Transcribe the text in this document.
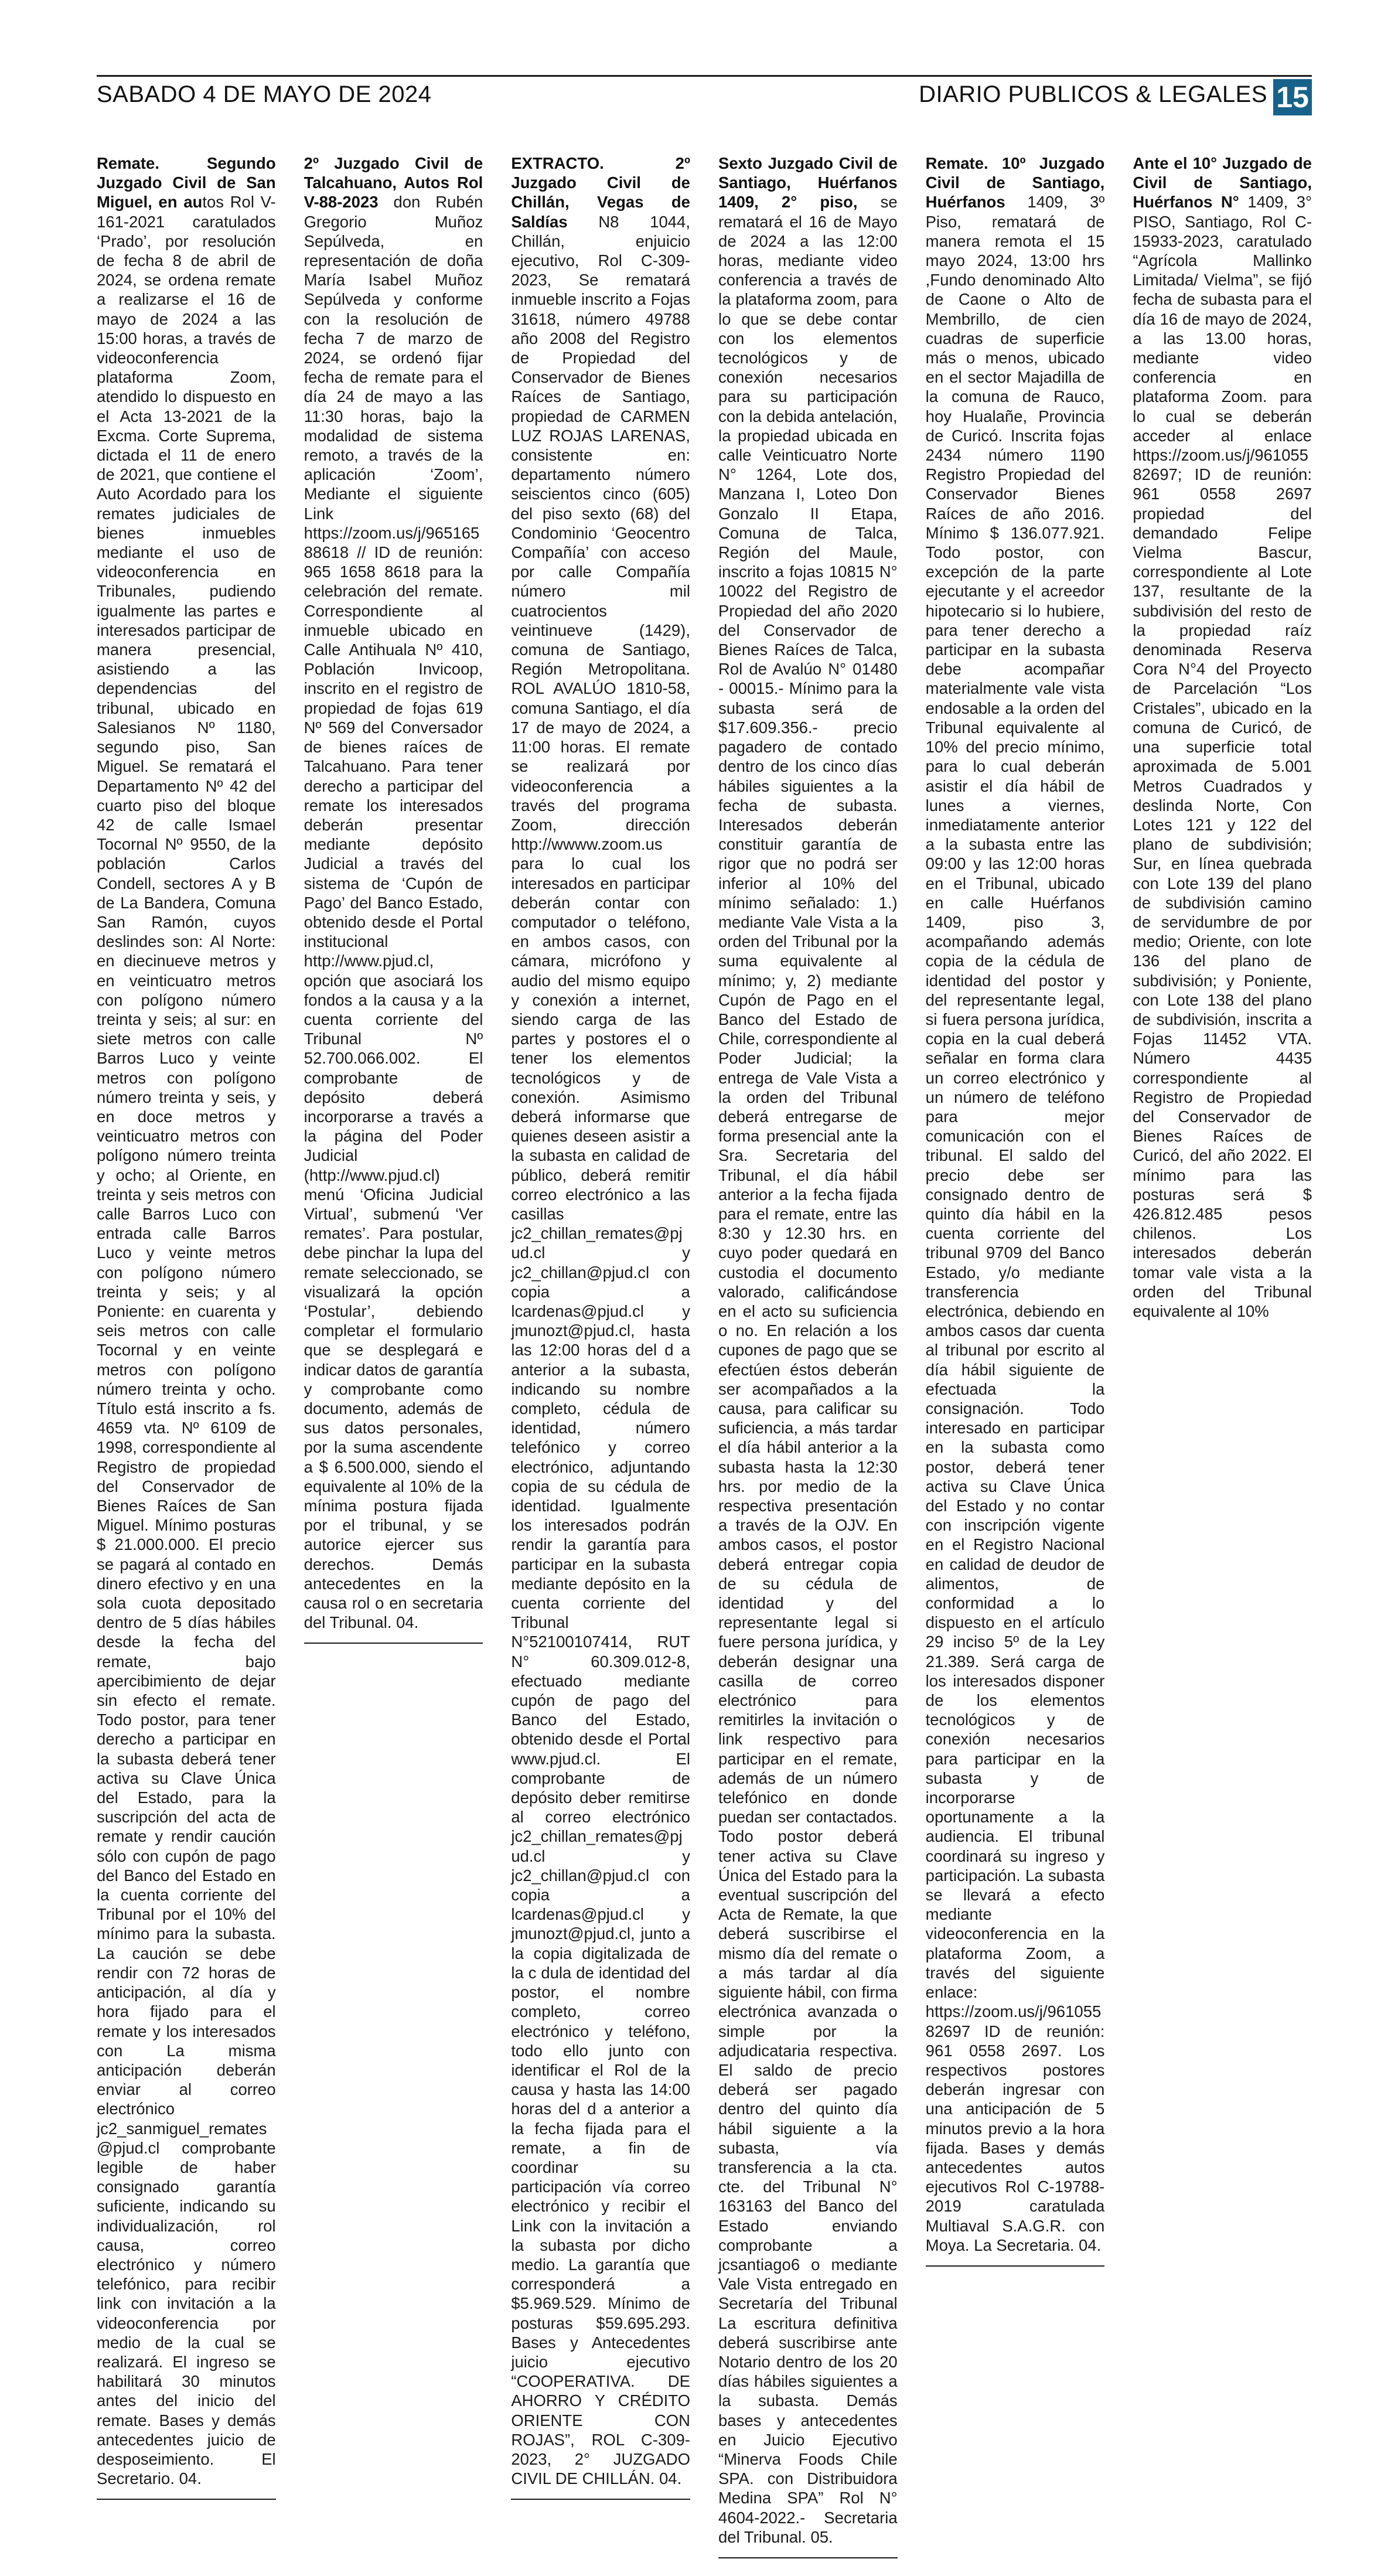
SABADO 4 DE MAYO DE 2024	DIARIO PUBLICOS & LEGALES 15

Remate. Segundo Juzgado Civil de San Miguel, en autos Rol V-161-2021 caratulados ‘Prado’, por resolución de fecha 8 de abril de 2024, se ordena remate a realizarse el 16 de mayo de 2024 a las 15:00 horas, a través de videoconferencia plataforma Zoom, atendido lo dispuesto en el Acta 13-2021 de la Excma. Corte Suprema, dictada el 11 de enero de 2021, que contiene el Auto Acordado para los remates judiciales de bienes inmuebles mediante el uso de videoconferencia en Tribunales, pudiendo igualmente las partes e interesados participar de manera presencial, asistiendo a las dependencias del tribunal, ubicado en Salesianos Nº 1180, segundo piso, San Miguel. Se rematará el Departamento Nº 42 del cuarto piso del bloque 42 de calle Ismael Tocornal Nº 9550, de la población Carlos Condell, sectores A y B de La Bandera, Comuna San Ramón, cuyos deslindes son: Al Norte: en diecinueve metros y en veinticuatro metros con polígono número treinta y seis; al sur: en siete metros con calle Barros Luco y veinte metros con polígono número treinta y seis, y en doce metros y veinticuatro metros con polígono número treinta y ocho; al Oriente, en treinta y seis metros con calle Barros Luco con entrada calle Barros Luco y veinte metros con polígono número treinta y seis; y al Poniente: en cuarenta y seis metros con calle Tocornal y en veinte metros con polígono número treinta y ocho. Título está inscrito a fs. 4659 vta. Nº 6109 de 1998, correspondiente al Registro de propiedad del Conservador de Bienes Raíces de San Miguel. Mínimo posturas $ 21.000.000. El precio se pagará al contado en dinero efectivo y en una sola cuota depositado dentro de 5 días hábiles desde la fecha del remate, bajo apercibimiento de dejar sin efecto el remate. Todo postor, para tener derecho a participar en la subasta deberá tener activa su Clave Única del Estado, para la suscripción del acta de remate y rendir caución sólo con cupón de pago del Banco del Estado en la cuenta corriente del Tribunal por el 10% del mínimo para la subasta. La caución se debe rendir con 72 horas de anticipación, al día y hora fijado para el remate y los interesados con La misma anticipación deberán enviar al correo electrónico jc2_sanmiguel_remates@pjud.cl comprobante legible de haber consignado garantía suficiente, indicando su individualización, rol causa, correo electrónico y número telefónico, para recibir link con invitación a la videoconferencia por medio de la cual se realizará. El ingreso se habilitará 30 minutos antes del inicio del remate. Bases y demás antecedentes juicio de desposeimiento. El Secretario. 04.

2º Juzgado Civil de Talcahuano, Autos Rol V-88-2023 don Rubén Gregorio Muñoz Sepúlveda, en representación de doña María Isabel Muñoz Sepúlveda y conforme con la resolución de fecha 7 de marzo de 2024, se ordenó fijar fecha de remate para el día 24 de mayo a las 11:30 horas, bajo la modalidad de sistema remoto, a través de la aplicación ‘Zoom’, Mediante el siguiente Link https://zoom.us/j/96516588618 // ID de reunión: 965 1658 8618 para la celebración del remate. Correspondiente al inmueble ubicado en Calle Antihuala Nº 410, Población Invicoop, inscrito en el registro de propiedad de fojas 619 Nº 569 del Conversador de bienes raíces de Talcahuano. Para tener derecho a participar del remate los interesados deberán presentar mediante depósito Judicial a través del sistema de ‘Cupón de Pago’ del Banco Estado, obtenido desde el Portal institucional http://www.pjud.cl, opción que asociará los fondos a la causa y a la cuenta corriente del Tribunal Nº 52.700.066.002. El comprobante de depósito deberá incorporarse a través a la página del Poder Judicial (http://www.pjud.cl) menú ‘Oficina Judicial Virtual’, submenú ‘Ver remates’. Para postular, debe pinchar la lupa del remate seleccionado, se visualizará la opción ‘Postular’, debiendo completar el formulario que se desplegará e indicar datos de garantía y comprobante como documento, además de sus datos personales, por la suma ascendente a $ 6.500.000, siendo el equivalente al 10% de la mínima postura fijada por el tribunal, y se autorice ejercer sus derechos. Demás antecedentes en la causa rol o en secretaria del Tribunal. 04.

EXTRACTO. 2º Juzgado Civil de Chillán, Vegas de Saldías N8 1044, Chillán, enjuicio ejecutivo, Rol C-309-2023, Se rematará inmueble inscrito a Fojas 31618, número 49788 año 2008 del Registro de Propiedad del Conservador de Bienes Raíces de Santiago, propiedad de CARMEN LUZ ROJAS LARENAS, consistente en: departamento número seiscientos cinco (605) del piso sexto (68) del Condominio ‘Geocentro Compañía’ con acceso por calle Compañía número mil cuatrocientos veintinueve (1429), comuna de Santiago, Región Metropolitana. ROL AVALÚO 1810-58, comuna Santiago, el día 17 de mayo de 2024, a 11:00 horas. El remate se realizará por videoconferencia a través del programa Zoom, dirección http://wwww.zoom.us para lo cual los interesados en participar deberán contar con computador o teléfono, en ambos casos, con cámara, micrófono y audio del mismo equipo y conexión a internet, siendo carga de las partes y postores el o tener los elementos tecnológicos y de conexión. Asimismo deberá informarse que quienes deseen asistir a la subasta en calidad de público, deberá remitir correo electrónico a las casillas jc2_chillan_remates@pjud.cl y jc2_chillan@pjud.cl con copia a lcardenas@pjud.cl y jmunozt@pjud.cl, hasta las 12:00 horas del d a anterior a la subasta, indicando su nombre completo, cédula de identidad, número telefónico y correo electrónico, adjuntando copia de su cédula de identidad. Igualmente los interesados podrán rendir la garantía para participar en la subasta mediante depósito en la cuenta corriente del Tribunal N°52100107414, RUT N° 60.309.012-8, efectuado mediante cupón de pago del Banco del Estado, obtenido desde el Portal www.pjud.cl. El comprobante de depósito deber remitirse al correo electrónico jc2_chillan_remates@pjud.cl y jc2_chillan@pjud.cl con copia a lcardenas@pjud.cl y jmunozt@pjud.cl, junto a la copia digitalizada de la c dula de identidad del postor, el nombre completo, correo electrónico y teléfono, todo ello junto con identificar el Rol de la causa y hasta las 14:00 horas del d a anterior a la fecha fijada para el remate, a fin de coordinar su participación vía correo electrónico y recibir el Link con la invitación a la subasta por dicho medio. La garantía que corresponderá a $5.969.529. Mínimo de posturas $59.695.293. Bases y Antecedentes juicio ejecutivo “COOPERATIVA. DE AHORRO Y CRÉDITO ORIENTE CON ROJAS”, ROL C-309-2023, 2° JUZGADO CIVIL DE CHILLÁN. 04.

Sexto Juzgado Civil de Santiago, Huérfanos 1409, 2° piso, se rematará el 16 de Mayo de 2024 a las 12:00 horas, mediante video conferencia a través de la plataforma zoom, para lo que se debe contar con los elementos tecnológicos y de conexión necesarios para su participación con la debida antelación, la propiedad ubicada en calle Veinticuatro Norte N° 1264, Lote dos, Manzana I, Loteo Don Gonzalo II Etapa, Comuna de Talca, Región del Maule, inscrito a fojas 10815 N° 10022 del Registro de Propiedad del año 2020 del Conservador de Bienes Raíces de Talca, Rol de Avalúo N° 01480 - 00015.- Mínimo para la subasta será de $17.609.356.- precio pagadero de contado dentro de los cinco días hábiles siguientes a la fecha de subasta. Interesados deberán constituir garantía de rigor que no podrá ser inferior al 10% del mínimo señalado: 1.) mediante Vale Vista a la orden del Tribunal por la suma equivalente al mínimo; y, 2) mediante Cupón de Pago en el Banco del Estado de Chile, correspondiente al Poder Judicial; la entrega de Vale Vista a la orden del Tribunal deberá entregarse de forma presencial ante la Sra. Secretaria del Tribunal, el día hábil anterior a la fecha fijada para el remate, entre las 8:30 y 12.30 hrs. en cuyo poder quedará en custodia el documento valorado, calificándose en el acto su suficiencia o no. En relación a los cupones de pago que se efectúen éstos deberán ser acompañados a la causa, para calificar su suficiencia, a más tardar el día hábil anterior a la subasta hasta la 12:30 hrs. por medio de la respectiva presentación a través de la OJV. En ambos casos, el postor deberá entregar copia de su cédula de identidad y del representante legal si fuere persona jurídica, y deberán designar una casilla de correo electrónico para remitirles la invitación o link respectivo para participar en el remate, además de un número telefónico en donde puedan ser contactados. Todo postor deberá tener activa su Clave Única del Estado para la eventual suscripción del Acta de Remate, la que deberá suscribirse el mismo día del remate o a más tardar al día siguiente hábil, con firma electrónica avanzada o simple por la adjudicataria respectiva. El saldo de precio deberá ser pagado dentro del quinto día hábil siguiente a la subasta, vía transferencia a la cta. cte. del Tribunal N° 163163 del Banco del Estado enviando comprobante a jcsantiago6 o mediante Vale Vista entregado en Secretaría del Tribunal La escritura definitiva deberá suscribirse ante Notario dentro de los 20 días hábiles siguientes a la subasta. Demás bases y antecedentes en Juicio Ejecutivo “Minerva Foods Chile SPA. con Distribuidora Medina SPA” Rol N° 4604-2022.- Secretaria del Tribunal. 05.

Remate. 10º Juzgado Civil de Santiago, Huérfanos 1409, 3º Piso, rematará de manera remota el 15 mayo 2024, 13:00 hrs ,Fundo denominado Alto de Caone o Alto de Membrillo, de cien cuadras de superficie más o menos, ubicado en el sector Majadilla de la comuna de Rauco, hoy Hualañe, Provincia de Curicó. Inscrita fojas 2434 número 1190 Registro Propiedad del Conservador Bienes Raíces de año 2016. Mínimo $ 136.077.921. Todo postor, con excepción de la parte ejecutante y el acreedor hipotecario si lo hubiere, para tener derecho a participar en la subasta debe acompañar materialmente vale vista endosable a la orden del Tribunal equivalente al 10% del precio mínimo, para lo cual deberán asistir el día hábil de lunes a viernes, inmediatamente anterior a la subasta entre las 09:00 y las 12:00 horas en el Tribunal, ubicado en calle Huérfanos 1409, piso 3, acompañando además copia de la cédula de identidad del postor y del representante legal, si fuera persona jurídica, copia en la cual deberá señalar en forma clara un correo electrónico y un número de teléfono para mejor comunicación con el tribunal. El saldo del precio debe ser consignado dentro de quinto día hábil en la cuenta corriente del tribunal 9709 del Banco Estado, y/o mediante transferencia electrónica, debiendo en ambos casos dar cuenta al tribunal por escrito al día hábil siguiente de efectuada la consignación. Todo interesado en participar en la subasta como postor, deberá tener activa su Clave Única del Estado y no contar con inscripción vigente en el Registro Nacional en calidad de deudor de alimentos, de conformidad a lo dispuesto en el artículo 29 inciso 5º de la Ley 21.389. Será carga de los interesados disponer de los elementos tecnológicos y de conexión necesarios para participar en la subasta y de incorporarse oportunamente a la audiencia. El tribunal coordinará su ingreso y participación. La subasta se llevará a efecto mediante videoconferencia en la plataforma Zoom, a través del siguiente enlace: https://zoom.us/j/96105582697 ID de reunión: 961 0558 2697. Los respectivos postores deberán ingresar con una anticipación de 5 minutos previo a la hora fijada. Bases y demás antecedentes autos ejecutivos Rol C-19788-2019 caratulada Multiaval S.A.G.R. con Moya. La Secretaria. 04.

Ante el 10° Juzgado de Civil de Santiago, Huérfanos N° 1409, 3° PISO, Santiago, Rol C-15933-2023, caratulado “Agrícola Mallinko Limitada/ Vielma”, se fijó fecha de subasta para el día 16 de mayo de 2024, a las 13.00 horas, mediante video conferencia en plataforma Zoom. para lo cual se deberán acceder al enlace https://zoom.us/j/96105582697; ID de reunión: 961 0558 2697 propiedad del demandado Felipe Vielma Bascur, correspondiente al Lote 137, resultante de la subdivisión del resto de la propiedad raíz denominada Reserva Cora N°4 del Proyecto de Parcelación “Los Cristales”, ubicado en la comuna de Curicó, de una superficie total aproximada de 5.001 Metros Cuadrados y deslinda Norte, Con Lotes 121 y 122 del plano de subdivisión; Sur, en línea quebrada con Lote 139 del plano de subdivisión camino de servidumbre de por medio; Oriente, con lote 136 del plano de subdivisión; y Poniente, con Lote 138 del plano de subdivisión, inscrita a Fojas 11452 VTA. Número 4435 correspondiente al Registro de Propiedad del Conservador de Bienes Raíces de Curicó, del año 2022. El mínimo para las posturas será $ 426.812.485 pesos chilenos. Los interesados deberán tomar vale vista a la orden del Tribunal equivalente al 10%
